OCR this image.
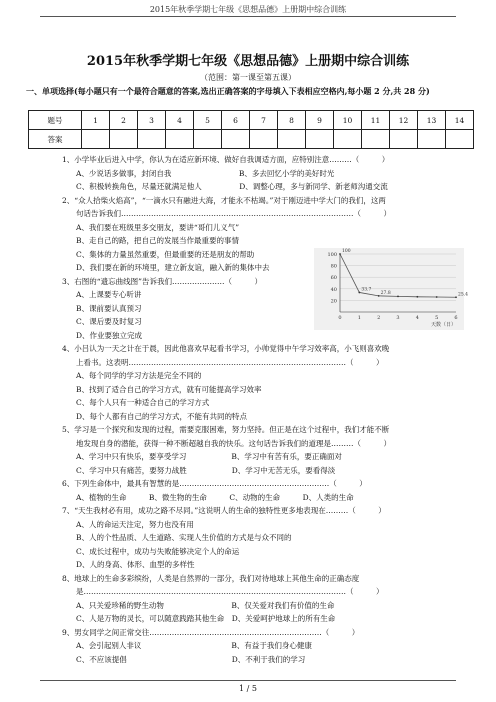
2015年秋季学期七年级《思想品德》上册期中综合训练
2015年秋季学期七年级《思想品德》上册期中综合训练
（范围：第一课至第五课）
一、单项选择(每小题只有一个最符合题意的答案,选出正确答案的字母填入下表相应空格内,每小题 2 分,共 28 分)
题号	1	2	3	4	5	6	7	8	9	10	11	12	13	14
答案														
1、小学毕业后进入中学，你认为在适应新环境、做好自我调适方面，应特别注意………（　　　）
A、少说话多做事，封闭自我　　　　　　　　　B、多去回忆小学的美好时光
C、积极转换角色，尽量还就满足他人　　　　　D、调整心理，多与新同学、新老师沟通交流
2、“众人拾柴火焰高”，“一滴水只有融进大海，才能永不枯竭。”对于刚迈进中学大门的我们，这两
句话告诉我们…………………………………………………………………………………（　　　）
A、我们要在班级里多交朋友，要讲“哥们儿义气”
B、走自己的路，把自己的发展当作最重要的事情
C、集体的力量虽然重要，但最重要的还是朋友的帮助
D、我们要在新的环境里，建立新友谊，融入新的集体中去
3、右图的“遗忘曲线图”告诉我们…………………（　　　）
A、上课要专心听讲
B、课前要认真预习
C、课后要及时复习
D、作业要独立完成
4、小吕认为一天之计在于晨，因此他喜欢早起看书学习，小帅觉得中午学习效率高，小飞则喜欢晚
上看书。这表明……………………………………………………………………………（　　　）
A、每个同学的学习方法是完全不同的
B、找到了适合自己的学习方式，就有可能提高学习效率
C、每个人只有一种适合自己的学习方式
D、每个人都有自己的学习方式，不能有共同的特点
5、学习是一个探究和发现的过程，需要克服困难，努力坚持。但正是在这个过程中，我们才能不断
地发现自身的潜能，获得一种不断超越自我的快乐。这句话告诉我们的道理是………（　　　）
A、学习中只有快乐，要享受学习　　　　　　B、学习中有苦有乐，要正确面对
C、学习中只有痛苦，要努力战胜　　　　　　D、学习中无苦无乐，要看得淡
6、下列生命体中，最具有智慧的是……………………………………………………（　　　）
A、植物的生命　　　B、微生物的生命　　　C、动物的生命　　　D、人类的生命
7、“天生我材必有用，成功之路不尽同。”这说明人的生命的独特性更多地表现在………（　　　）
A、人的命运天注定，努力也没有用
B、人的个性品质、人生道路、实现人生价值的方式是与众不同的
C、成长过程中，成功与失败能够决定个人的命运
D、人的身高、体形、血型的多样性
8、地球上的生命多彩缤纷，人类是自然界的一部分，我们对待地球上其他生命的正确态度
是……………………………………………………………………………………………（　　　）
A、只关爱珍稀的野生动物　　　　　　　　　B、仅关爱对我们有价值的生命
C、人是万物的灵长，可以随意践踏其他生命　D、关爱呵护地球上的所有生命
9、男女同学之间正常交往……………………………………………………………（　　　）
A、会引起别人非议　　　　　　　　　　　　B、有益于我们身心健康
C、不应该提倡　　　　　　　　　　　　　　D、不利于我们的学习
100
80
60
40
20
0	1	2	3	4	5	6
天数（日）
100
33.7
27.8	25.4
1 / 5
